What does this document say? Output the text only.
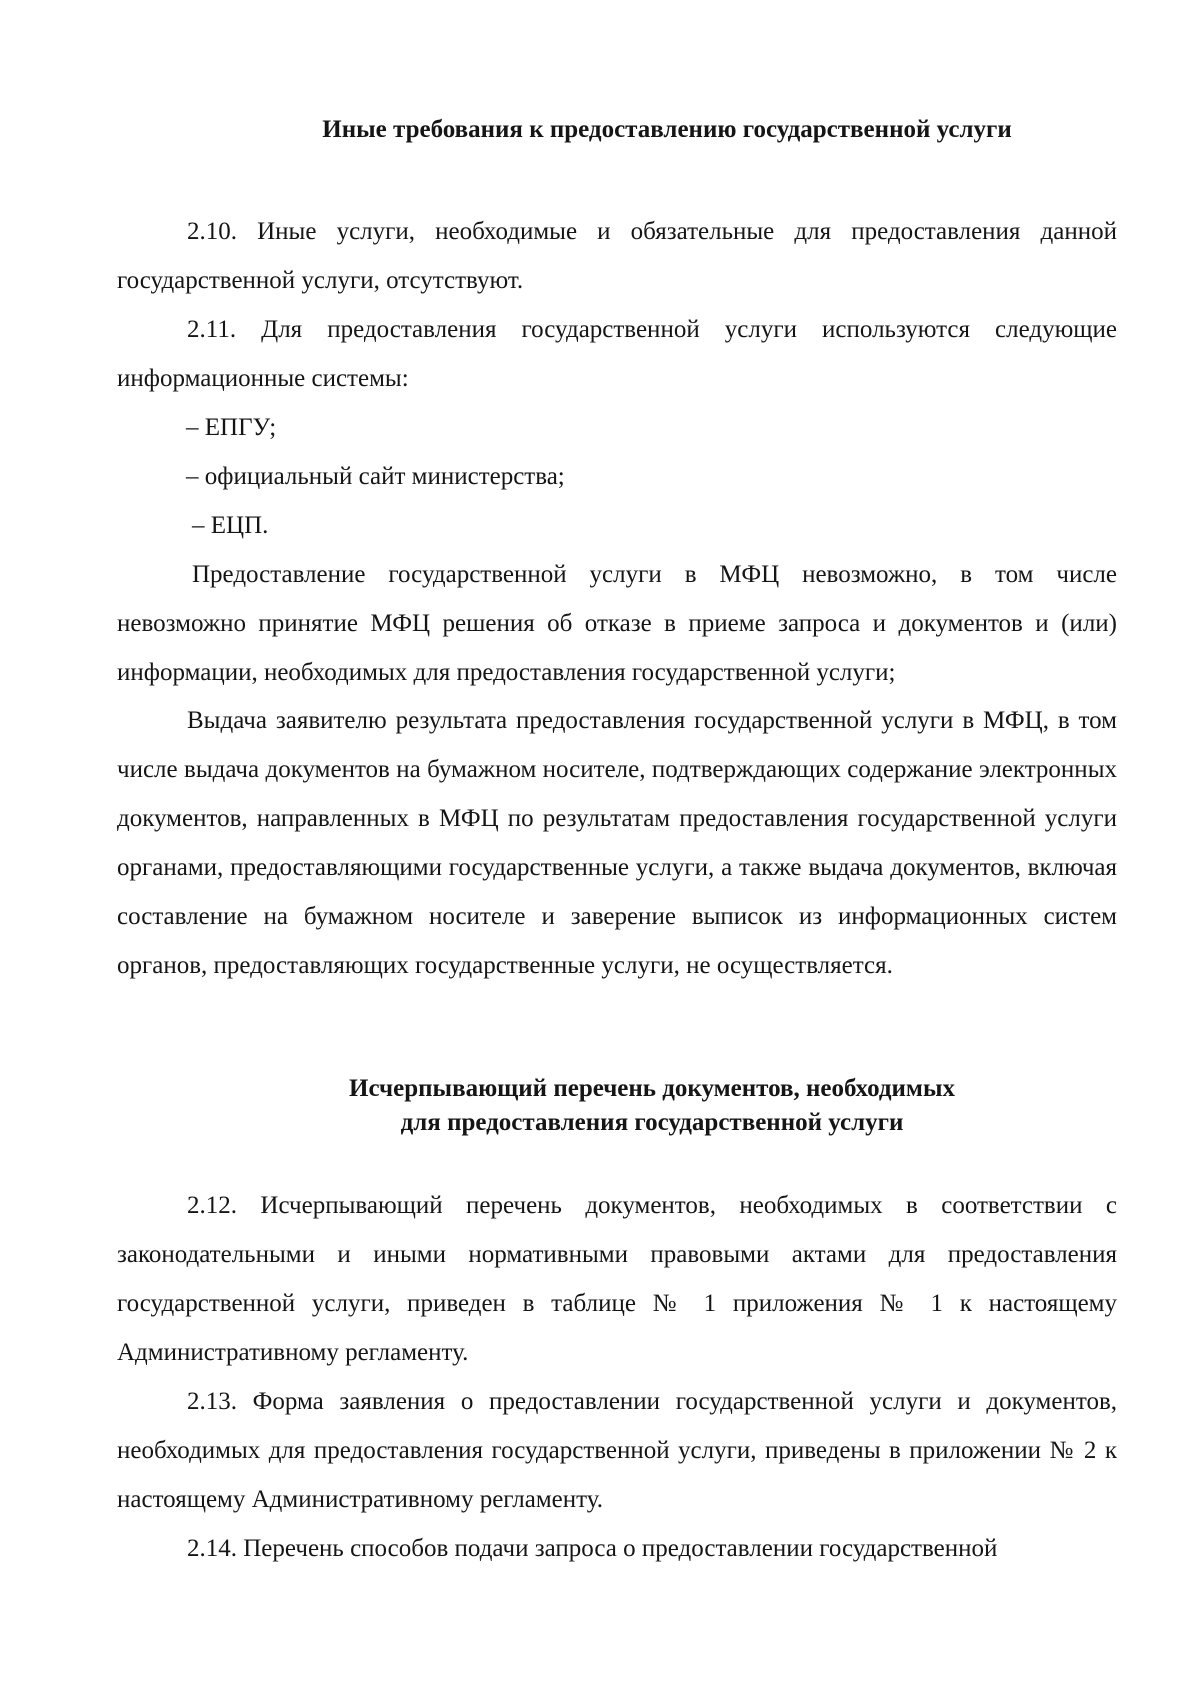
Иные требования к предоставлению государственной услуги

2.10. Иные услуги, необходимые и обязательные для предоставления данной государственной услуги, отсутствуют.

2.11. Для предоставления государственной услуги используются следующие информационные системы:

– ЕПГУ;

– официальный сайт министерства;

– ЕЦП.

Предоставление государственной услуги в МФЦ невозможно, в том числе невозможно принятие МФЦ решения об отказе в приеме запроса и документов и (или) информации, необходимых для предоставления государственной услуги;

Выдача заявителю результата предоставления государственной услуги в МФЦ, в том числе выдача документов на бумажном носителе, подтверждающих содержание электронных документов, направленных в МФЦ по результатам предоставления государственной услуги органами, предоставляющими государственные услуги, а также выдача документов, включая составление на бумажном носителе и заверение выписок из информационных систем органов, предоставляющих государственные услуги, не осуществляется.

Исчерпывающий перечень документов, необходимых
для предоставления государственной услуги

2.12. Исчерпывающий перечень документов, необходимых в соответствии с законодательными и иными нормативными правовыми актами для предоставления государственной услуги, приведен в таблице № 1 приложения № 1 к настоящему Административному регламенту.

2.13. Форма заявления о предоставлении государственной услуги и документов, необходимых для предоставления государственной услуги, приведены в приложении № 2 к настоящему Административному регламенту.

2.14. Перечень способов подачи запроса о предоставлении государственной
